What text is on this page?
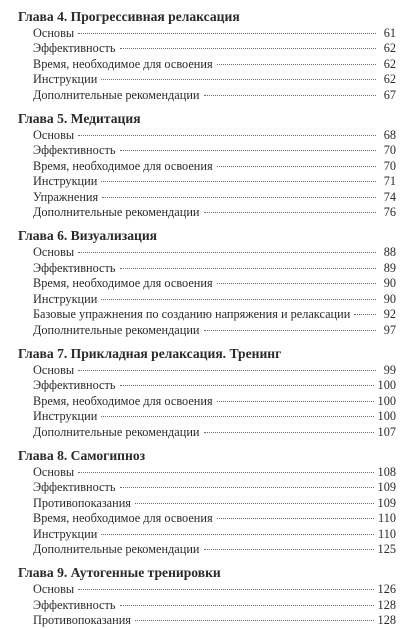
Глава 4. Прогрессивная релаксация
Основы	61
Эффективность	62
Время, необходимое для освоения	62
Инструкции	62
Дополнительные рекомендации	67
Глава 5. Медитация
Основы	68
Эффективность	70
Время, необходимое для освоения	70
Инструкции	71
Упражнения	74
Дополнительные рекомендации	76
Глава 6. Визуализация
Основы	88
Эффективность	89
Время, необходимое для освоения	90
Инструкции	90
Базовые упражнения по созданию напряжения и релаксации	92
Дополнительные рекомендации	97
Глава 7. Прикладная релаксация. Тренинг
Основы	99
Эффективность	100
Время, необходимое для освоения	100
Инструкции	100
Дополнительные рекомендации	107
Глава 8. Самогипноз
Основы	108
Эффективность	109
Противопоказания	109
Время, необходимое для освоения	110
Инструкции	110
Дополнительные рекомендации	125
Глава 9. Аутогенные тренировки
Основы	126
Эффективность	128
Противопоказания	128
